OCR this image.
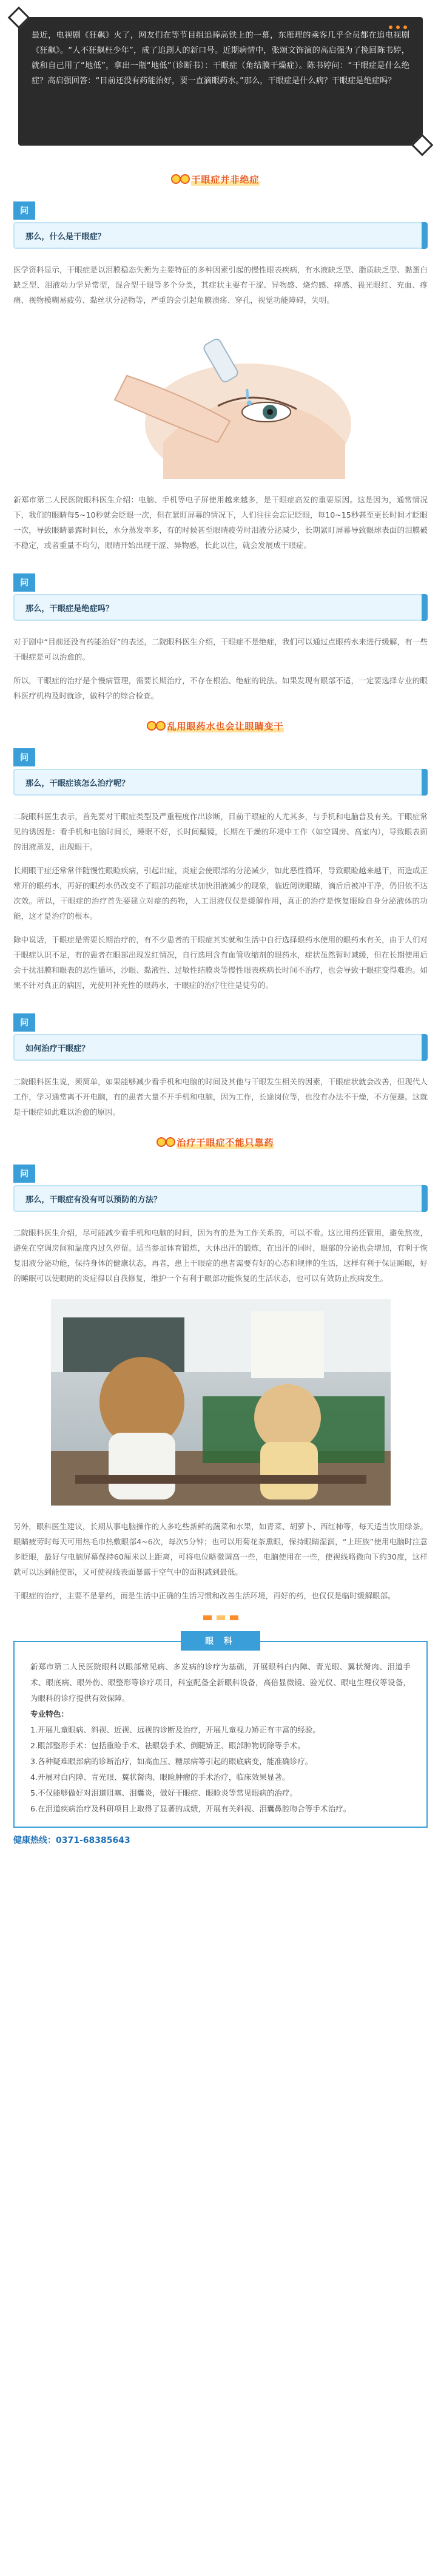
最近，电视剧《狂飙》火了，网友们在等节目组追捧高铁上的一幕，东雁理的乘客几乎全员都在追电视剧《狂飙》。“人不狂飙枉少年”，成了追剧人的新口号。近期病情中，张颂文饰演的高启强为了挽回陈书婷，就和自己用了“地低”，拿出一瓶“地低”（诊断书）：干眼症（角结膜干燥症）。陈书婷问：“干眼症是什么绝症？高启强回答：“目前还没有药能治好，要一直滴眼药水。”那么，干眼症是什么病？干眼症是绝症吗？

干眼症并非绝症
问
那么，什么是干眼症？

医学资料显示，干眼症是以泪膜稳态失衡为主要特征的多种因素引起的慢性眼表疾病，有水液缺乏型、脂质缺乏型、黏蛋白缺乏型、泪液动力学异常型，混合型干眼等多个分类，其症状主要有干涩、异物感、烧灼感、痒感、畏光眼红、充血、疼痛、视物模糊易疲劳、黏丝状分泌物等，严重的会引起角膜溃疡、穿孔，视觉功能障碍，失明。

新郑市第二人民医院眼科医生介绍：电脑、手机等电子屏使用越来越多，是干眼症高发的重要原因。这是因为，通常情况下，我们的眼睛每5~10秒就会眨眼一次，但在紧盯屏幕的情况下，人们往往会忘记眨眼，每10~15秒甚至更长时间才眨眼一次，导致眼睛暴露时间长，水分蒸发率多，有的时候甚至眼睛疲劳时泪液分泌减少，长期紧盯屏幕导致眼球表面的泪膜破不稳定，或者重量不均匀，眼睛开始出现干涩、异物感，长此以往，就会发展成干眼症。

问
那么，干眼症是绝症吗？

对于剧中“目前还没有药能治好”的表述，二院眼科医生介绍，干眼症不是绝症，我们可以通过点眼药水来进行缓解，有一些干眼症是可以治愈的。

所以，干眼症的治疗是个慢病管理，需要长期治疗，不存在根治、绝症的说法。如果发现有眼部不适，一定要选择专业的眼科医疗机构及时就诊，做科学的综合检查。

乱用眼药水也会让眼睛变干
问
那么，干眼症该怎么治疗呢？

二院眼科医生表示，首先要对干眼症类型及严重程度作出诊断，目前干眼症的人尤其多，与手机和电脑普及有关。干眼症常见的诱因是：看手机和电脑时间长，睡眠不好，长时间戴镜，长期在干燥的环境中工作（如空调房、高室内），导致眼表面的泪液蒸发，出现眼干。

长期眼干症还常常伴随慢性眼睑疾病，引起出症，炎症会使眼部的分泌减少，如此恶性循环，导致眼睑越来越干，而造成正常开的眼药水，再好的眼药水仍改变不了眼部功能症状加快泪液减少的现象，临近阅读眼睛，滴后后被冲干净，仍旧依不达次效。所以，干眼症的治疗首先要建立对症的药物，人工泪液仅仅是缓解作用，真正的治疗是恢复眼睑自身分泌液体的功能，这才是治疗的根本。

除中说话，干眼症是需要长期治疗的，有不少患者的干眼症其实就和生活中自行选择眼药水使用的眼药水有关，由于人们对干眼症认识不足，有的患者在眼部出现发红情况，自行选用含有血管收缩剂的眼药水，症状虽然暂时减缓，但在长期使用后会干扰泪膜和眼表的恶性循环，沙眼、黏液性、过敏性结膜炎等慢性眼表疾病长时间不治疗，也会导致干眼症变得难治。如果不针对真正的病因，光使用补充性的眼药水，干眼症的治疗往往是徒劳的。

问
如何治疗干眼症？

二院眼科医生说，须简单，如果能够减少看手机和电脑的时间及其他与干眼发生相关的因素，干眼症状就会改善，但现代人工作，学习通常离不开电脑，有的患者大量不开手机和电脑，因为工作，长途岗位等，也没有办法不干燥，不方便避。这就是干眼症如此难以治愈的原因。

治疗干眼症不能只靠药
问
那么，干眼症有没有可以预防的方法？

二院眼科医生介绍，尽可能减少看手机和电脑的时间，因为有的是为工作关系的，可以不看。这比用药还管用，避免熬夜，避免在空调房间和温度内过久停留。适当参加体育锻炼，大休出汗的锻炼，在出汗的同时，眼部的分泌也会增加，有利于恢复泪液分泌功能，保持身体的健康状态，再者，患上干眼症的患者需要有好的心态和规律的生活，这样有利于保证睡眠，好的睡眠可以使眼睛的炎症得以自我修复，维护一个有利于眼部功能恢复的生活状态，也可以有效防止疾病发生。

另外，眼科医生建议，长期从事电脑操作的人多吃些新鲜的蔬菜和水果，如青菜、胡萝卜、西红柿等，每天适当饮用绿茶。眼睛疲劳时每天可用热毛巾热敷眼部4~6次，每次5分钟；也可以用菊花茶熏眼，保持眼睛湿润，“上班族”使用电脑时注意多眨眼，最好与电脑屏幕保持60厘米以上距离，可将电位略微调高一些，电脑使用在一些，使视线略微向下约30度，这样就可以达到能使部，又可使视线表面暴露于空气中的面积减到最低。

干眼症的治疗，主要不是靠药，而是生活中正确的生活习惯和改善生活环境，再好的药，也仅仅是临时缓解眼部。

眼 科

新郑市第二人民医院眼科以眼部常见病、多发病的诊疗为基础，开展眼科白内障、青光眼、翼状胬肉、泪道手术、眼底病、眼外伤、眼整形等诊疗项目，科室配备全新眼科设备，高倍显微镜、验光仪、眼电生理仪等设备，为眼科的诊疗提供有效保障。

专业特色：

1.开展儿童眼病、斜视、近视、远视的诊断及治疗，开展儿童视力矫正有丰富的经验。

2.眼部整形手术：包括重睑手术、祛眼袋手术、倒睫矫正、眼部肿物切除等手术。

3.各种疑难眼部病的诊断治疗，如高血压、糖尿病等引起的眼底病变，能准确诊疗。

4.开展对白内障、青光眼、翼状胬肉、眼睑肿瘤的手术治疗，临床效果显著。

5.不仅能够做好对泪道阻塞、泪囊炎，做好干眼症、眼睑炎等常见眼病的治疗。

6.在泪道疾病治疗及科研项目上取得了显著的成绩，开展有关斜视、泪囊鼻腔吻合等手术治疗。

健康热线：0371-68385643
